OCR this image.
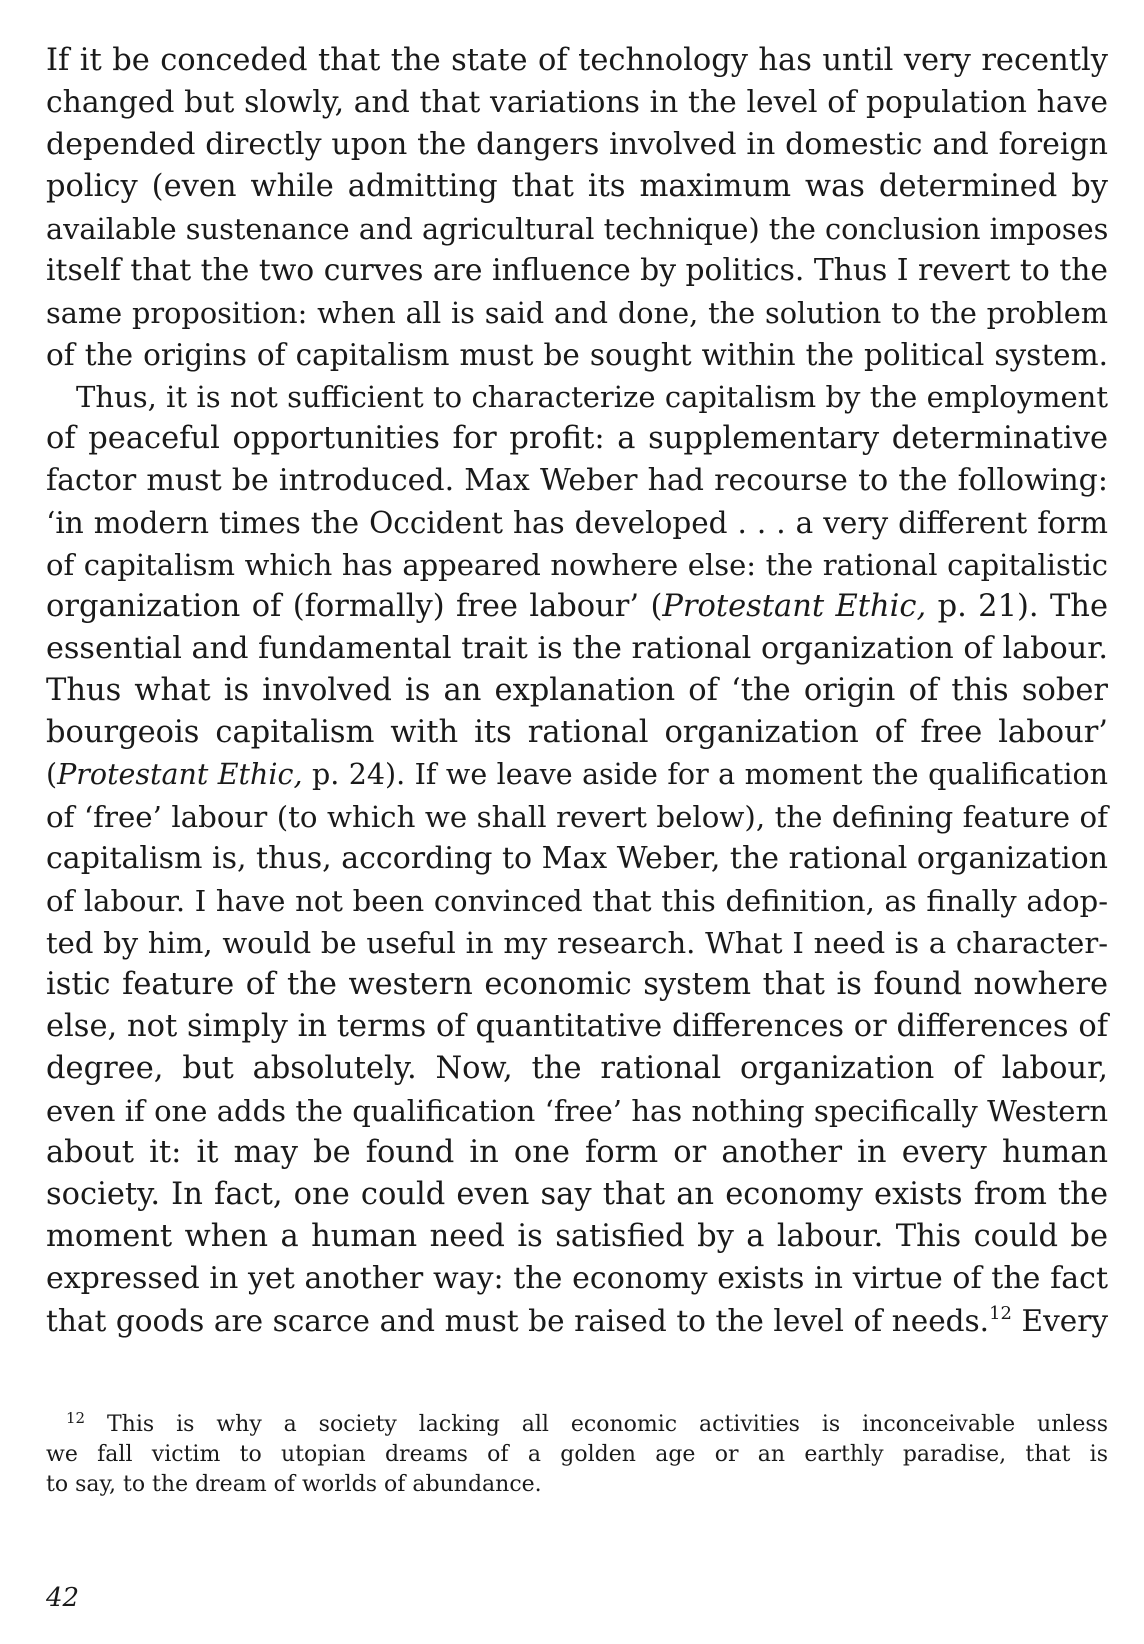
If it be conceded that the state of technology has until very recently
changed but slowly, and that variations in the level of population have
depended directly upon the dangers involved in domestic and foreign
policy (even while admitting that its maximum was determined by
available sustenance and agricultural technique) the conclusion imposes
itself that the two curves are influence by politics. Thus I revert to the
same proposition: when all is said and done, the solution to the problem
of the origins of capitalism must be sought within the political system.
Thus, it is not sufficient to characterize capitalism by the employment
of peaceful opportunities for profit: a supplementary determinative
factor must be introduced. Max Weber had recourse to the following:
‘in modern times the Occident has developed . . . a very different form
of capitalism which has appeared nowhere else: the rational capitalistic
organization of (formally) free labour’ (Protestant Ethic, p. 21). The
essential and fundamental trait is the rational organization of labour.
Thus what is involved is an explanation of ‘the origin of this sober
bourgeois capitalism with its rational organization of free labour’
(Protestant Ethic, p. 24). If we leave aside for a moment the qualification
of ‘free’ labour (to which we shall revert below), the defining feature of
capitalism is, thus, according to Max Weber, the rational organization
of labour. I have not been convinced that this definition, as finally adop-
ted by him, would be useful in my research. What I need is a character-
istic feature of the western economic system that is found nowhere
else, not simply in terms of quantitative differences or differences of
degree, but absolutely. Now, the rational organization of labour,
even if one adds the qualification ‘free’ has nothing specifically Western
about it: it may be found in one form or another in every human
society. In fact, one could even say that an economy exists from the
moment when a human need is satisfied by a labour. This could be
expressed in yet another way: the economy exists in virtue of the fact
that goods are scarce and must be raised to the level of needs.$^{12}$ Every
$^{12}$ This is why a society lacking all economic activities is inconceivable unless
we fall victim to utopian dreams of a golden age or an earthly paradise, that is
to say, to the dream of worlds of abundance.
42
